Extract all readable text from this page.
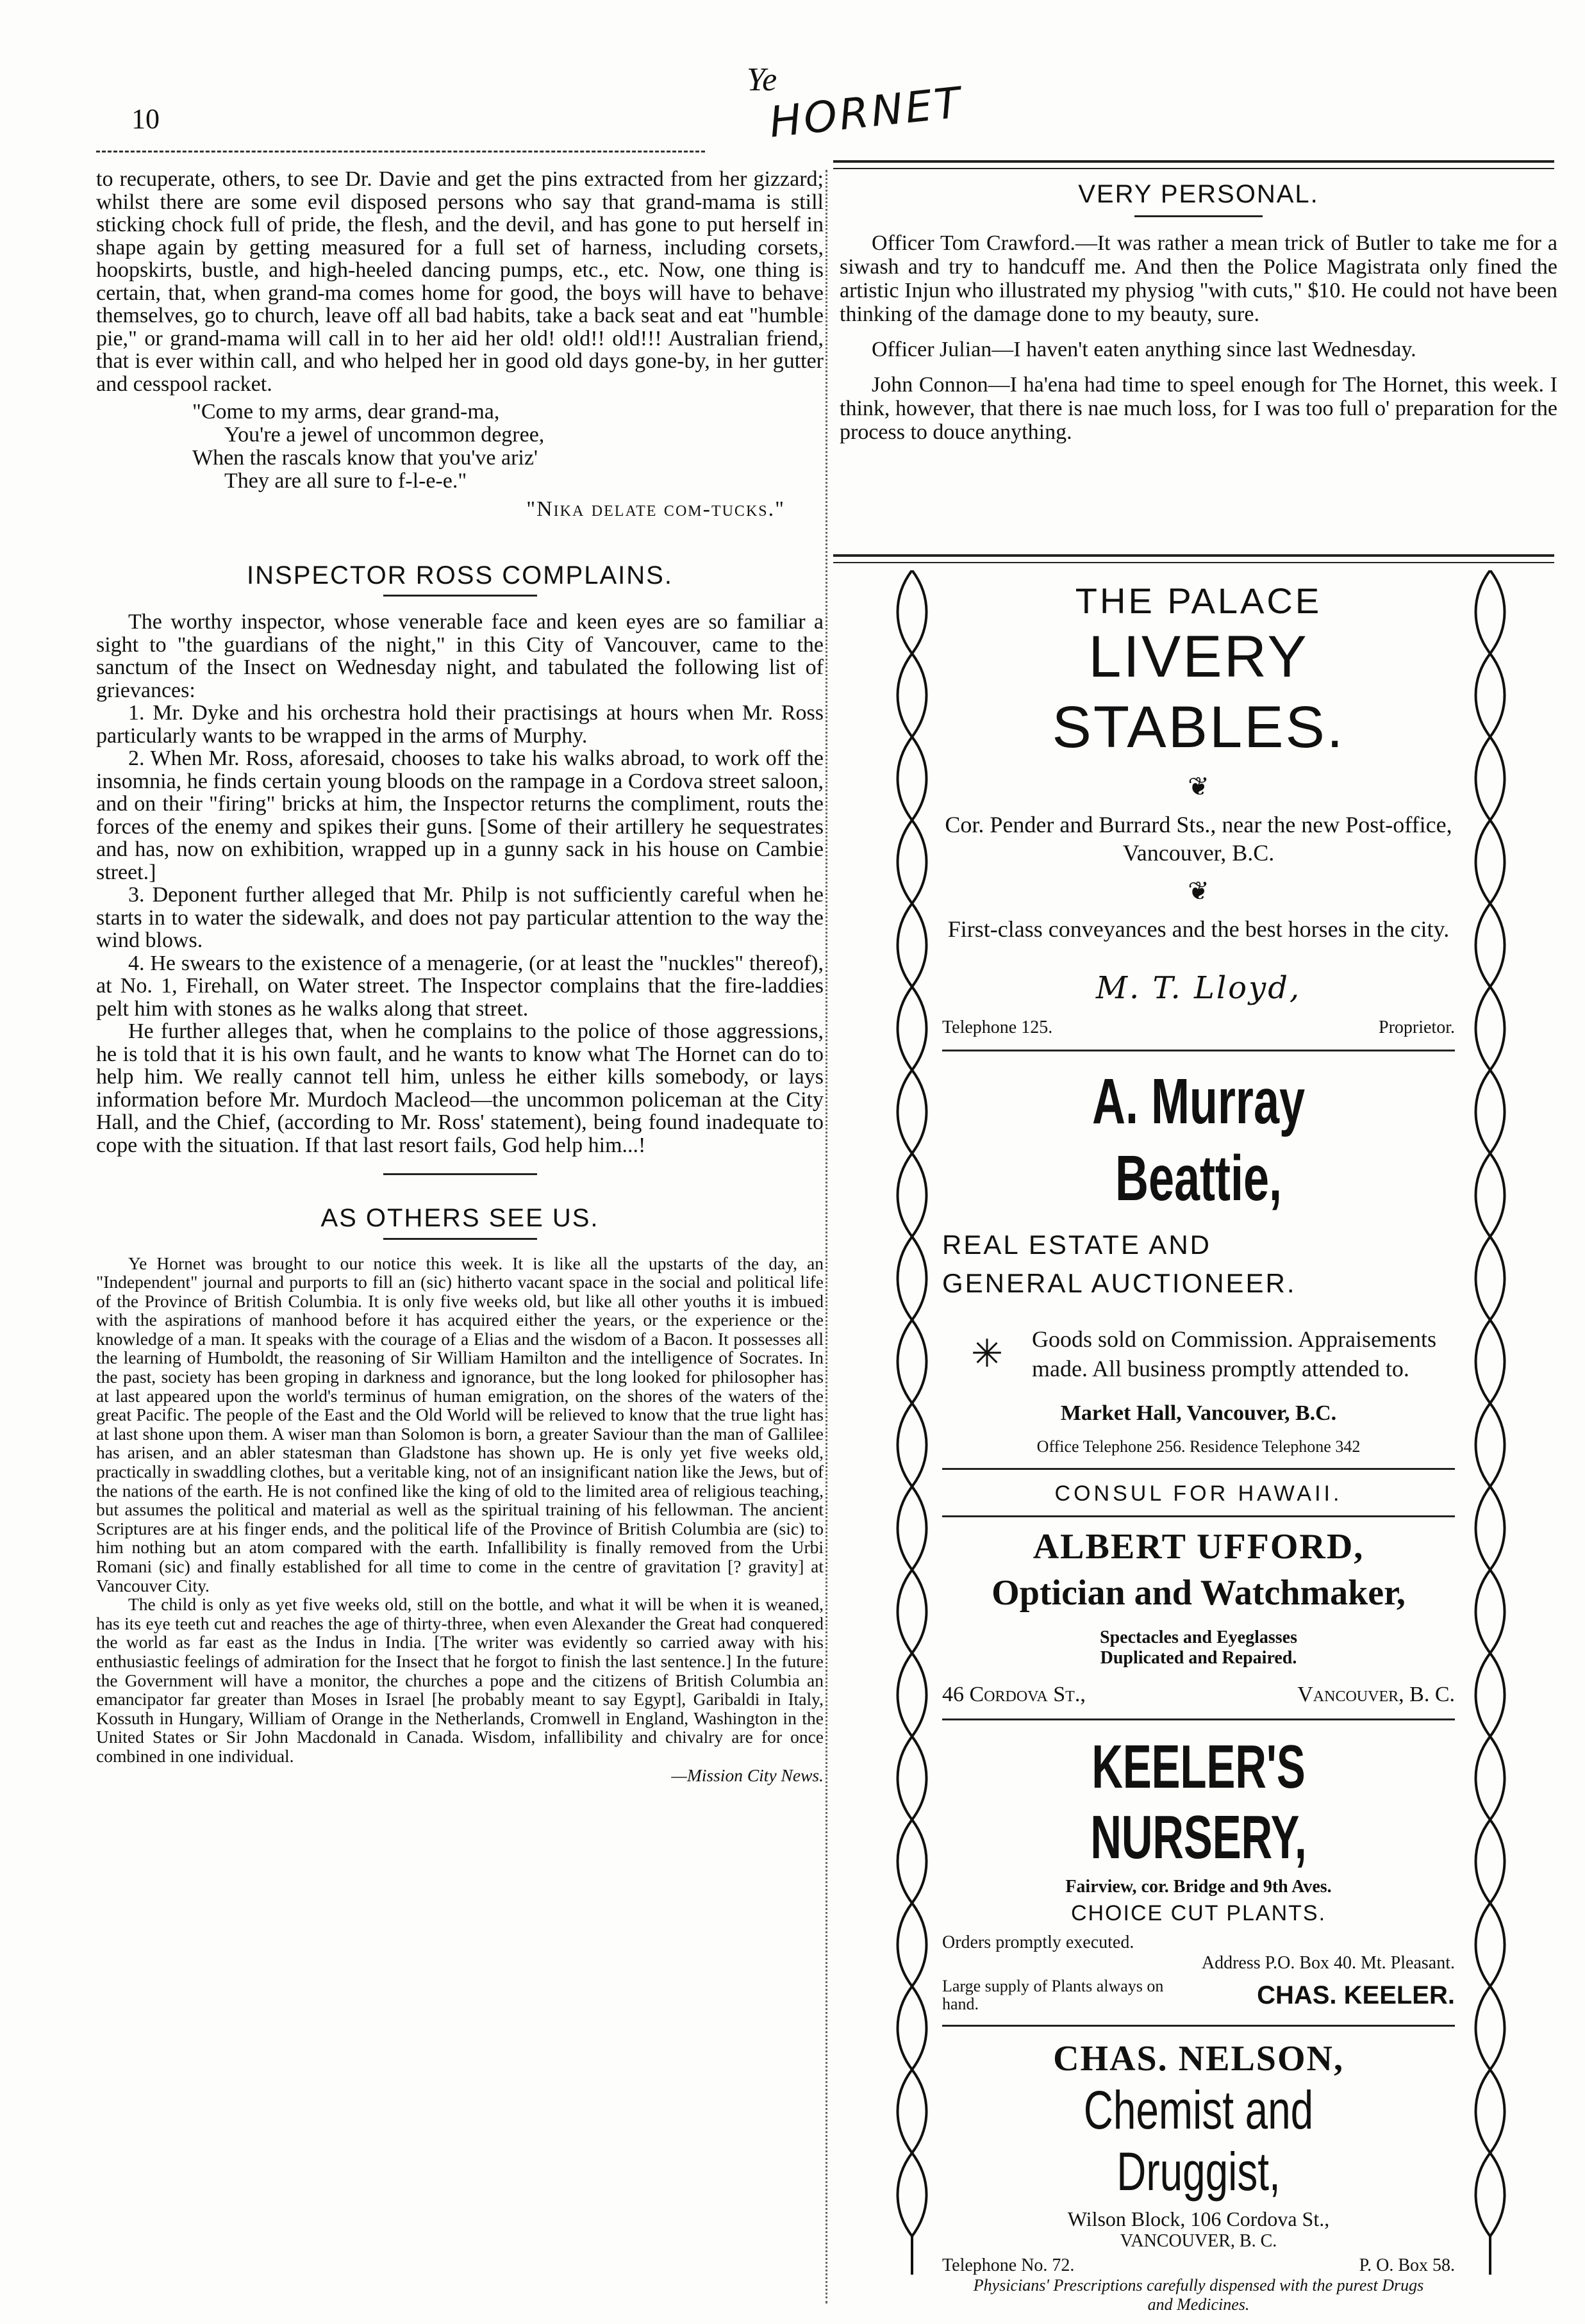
10
Ye
HORNET

to recuperate, others, to see Dr. Davie and get the pins extracted from her gizzard; whilst there are some evil disposed persons who say that grand-mama is still sticking chock full of pride, the flesh, and the devil, and has gone to put herself in shape again by getting measured for a full set of harness, including corsets, hoopskirts, bustle, and high-heeled dancing pumps, etc., etc. Now, one thing is certain, that, when grand-ma comes home for good, the boys will have to behave themselves, go to church, leave off all bad habits, take a back seat and eat "humble pie," or grand-mama will call in to her aid her old! old!! old!!! Australian friend, that is ever within call, and who helped her in good old days gone-by, in her gutter and cesspool racket.

"Come to my arms, dear grand-ma,
You're a jewel of uncommon degree,
When the rascals know that you've ariz'
They are all sure to f-l-e-e."
"Nika delate com-tucks."
INSPECTOR ROSS COMPLAINS.

The worthy inspector, whose venerable face and keen eyes are so familiar a sight to "the guardians of the night," in this City of Vancouver, came to the sanctum of the Insect on Wednesday night, and tabulated the following list of grievances:

1. Mr. Dyke and his orchestra hold their practisings at hours when Mr. Ross particularly wants to be wrapped in the arms of Murphy.

2. When Mr. Ross, aforesaid, chooses to take his walks abroad, to work off the insomnia, he finds certain young bloods on the rampage in a Cordova street saloon, and on their "firing" bricks at him, the Inspector returns the compliment, routs the forces of the enemy and spikes their guns. [Some of their artillery he sequestrates and has, now on exhibition, wrapped up in a gunny sack in his house on Cambie street.]

3. Deponent further alleged that Mr. Philp is not sufficiently careful when he starts in to water the sidewalk, and does not pay particular attention to the way the wind blows.

4. He swears to the existence of a menagerie, (or at least the "nuckles" thereof), at No. 1, Firehall, on Water street. The Inspector complains that the fire-laddies pelt him with stones as he walks along that street.

He further alleges that, when he complains to the police of those aggressions, he is told that it is his own fault, and he wants to know what The Hornet can do to help him. We really cannot tell him, unless he either kills somebody, or lays information before Mr. Murdoch Macleod—the uncommon policeman at the City Hall, and the Chief, (according to Mr. Ross' statement), being found inadequate to cope with the situation. If that last resort fails, God help him...!

AS OTHERS SEE US.

Ye Hornet was brought to our notice this week. It is like all the upstarts of the day, an "Independent" journal and purports to fill an (sic) hitherto vacant space in the social and political life of the Province of British Columbia. It is only five weeks old, but like all other youths it is imbued with the aspirations of manhood before it has acquired either the years, or the experience or the knowledge of a man. It speaks with the courage of a Elias and the wisdom of a Bacon. It possesses all the learning of Humboldt, the reasoning of Sir William Hamilton and the intelligence of Socrates. In the past, society has been groping in darkness and ignorance, but the long looked for philosopher has at last appeared upon the world's terminus of human emigration, on the shores of the waters of the great Pacific. The people of the East and the Old World will be relieved to know that the true light has at last shone upon them. A wiser man than Solomon is born, a greater Saviour than the man of Gallilee has arisen, and an abler statesman than Gladstone has shown up. He is only yet five weeks old, practically in swaddling clothes, but a veritable king, not of an insignificant nation like the Jews, but of the nations of the earth. He is not confined like the king of old to the limited area of religious teaching, but assumes the political and material as well as the spiritual training of his fellowman. The ancient Scriptures are at his finger ends, and the political life of the Province of British Columbia are (sic) to him nothing but an atom compared with the earth. Infallibility is finally removed from the Urbi Romani (sic) and finally established for all time to come in the centre of gravitation [? gravity] at Vancouver City.

The child is only as yet five weeks old, still on the bottle, and what it will be when it is weaned, has its eye teeth cut and reaches the age of thirty-three, when even Alexander the Great had conquered the world as far east as the Indus in India. [The writer was evidently so carried away with his enthusiastic feelings of admiration for the Insect that he forgot to finish the last sentence.] In the future the Government will have a monitor, the churches a pope and the citizens of British Columbia an emancipator far greater than Moses in Israel [he probably meant to say Egypt], Garibaldi in Italy, Kossuth in Hungary, William of Orange in the Netherlands, Cromwell in England, Washington in the United States or Sir John Macdonald in Canada. Wisdom, infallibility and chivalry are for once combined in one individual.

—Mission City News.
VERY PERSONAL.

Officer Tom Crawford.—It was rather a mean trick of Butler to take me for a siwash and try to handcuff me. And then the Police Magistrata only fined the artistic Injun who illustrated my physiog "with cuts," $10. He could not have been thinking of the damage done to my beauty, sure.

Officer Julian—I haven't eaten anything since last Wednesday.

John Connon—I ha'ena had time to speel enough for The Hornet, this week. I think, however, that there is nae much loss, for I was too full o' preparation for the process to douce anything.

THE PALACE
LIVERY STABLES.
❦
Cor. Pender and Burrard Sts., near the new Post-office, Vancouver, B.C.
❦
First-class conveyances and the best horses in the city.
M. T. Lloyd,
Telephone 125.	Proprietor.
A. Murray Beattie,
REAL ESTATE AND
GENERAL AUCTIONEER.
✳	Goods sold on Commission. Appraisements made. All business promptly attended to.
Market Hall, Vancouver, B.C.
Office Telephone 256. Residence Telephone 342
CONSUL FOR HAWAII.
ALBERT UFFORD,
Optician and Watchmaker,
Spectacles and Eyeglasses
Duplicated and Repaired.
46 Cordova St.,	Vancouver, B. C.
KEELER'S NURSERY,
Fairview, cor. Bridge and 9th Aves.
CHOICE CUT PLANTS.
Orders promptly executed.
Address P.O. Box 40. Mt. Pleasant.
Large supply of Plants always on hand.	CHAS. KEELER.
CHAS. NELSON,
Chemist and Druggist,
Wilson Block, 106 Cordova St.,
VANCOUVER, B. C.
Telephone No. 72.	P. O. Box 58.
Physicians' Prescriptions carefully dispensed with the purest Drugs and Medicines.
